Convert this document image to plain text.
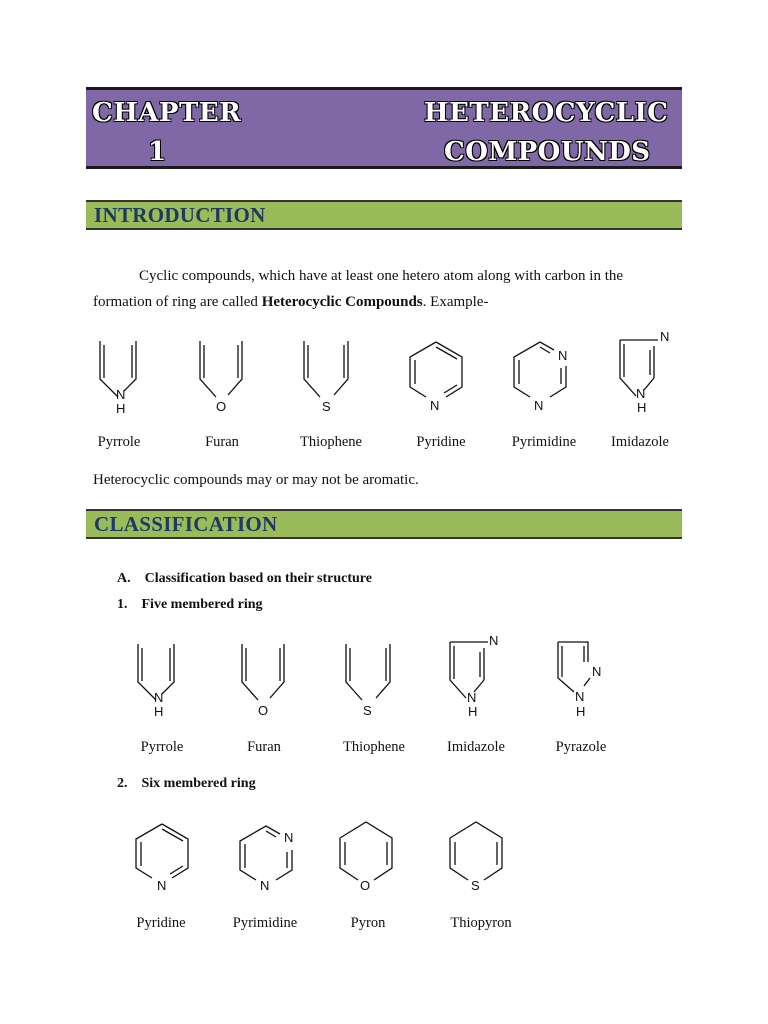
CHAPTER
1
HETEROCYCLIC
COMPOUNDS
INTRODUCTION
Cyclic compounds, which have at least one hetero atom along with carbon in the
formation of ring are called Heterocyclic Compounds. Example-
N
H	O	S	N
N
N
N
N
H
Pyrrole	Furan	Thiophene	Pyridine	Pyrimidine	Imidazole
Heterocyclic compounds may or may not be aromatic.
CLASSIFICATION
A. Classification based on their structure
1. Five membered ring
N
H	O	S
N
N
H
N
N
H
Pyrrole	Furan	Thiophene	Imidazole	Pyrazole
2. Six membered ring
N
N
N	O	S
Pyridine	Pyrimidine	Pyron	Thiopyron
